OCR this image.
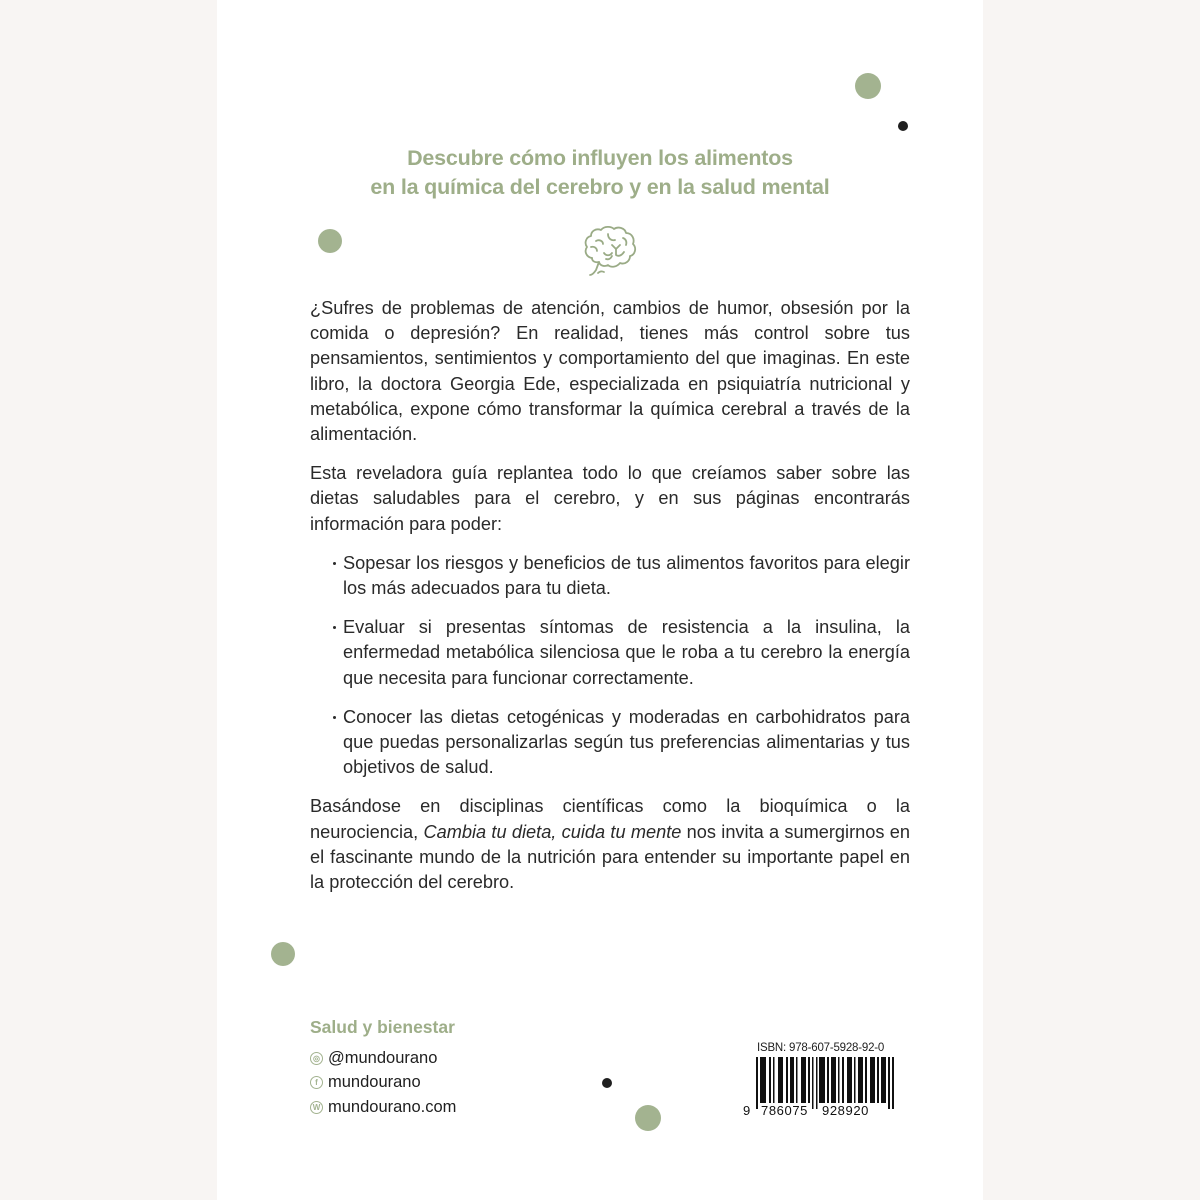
Descubre cómo influyen los alimentos
en la química del cerebro y en la salud mental

¿Sufres de problemas de atención, cambios de humor, obsesión por la comida o depresión? En realidad, tienes más control sobre tus pensamientos, sentimientos y comportamiento del que imaginas. En este libro, la doctora Georgia Ede, especializada en psiquiatría nutricional y metabólica, expone cómo transformar la química cerebral a través de la alimentación.

Esta reveladora guía replantea todo lo que creíamos saber sobre las dietas saludables para el cerebro, y en sus páginas encontrarás información para poder:

Sopesar los riesgos y beneficios de tus alimentos favoritos para elegir los más adecuados para tu dieta.
Evaluar si presentas síntomas de resistencia a la insulina, la enfermedad metabólica silenciosa que le roba a tu cerebro la energía que necesita para funcionar correctamente.
Conocer las dietas cetogénicas y moderadas en carbohidratos para que puedas personalizarlas según tus preferencias alimentarias y tus objetivos de salud.

Basándose en disciplinas científicas como la bioquímica o la neurociencia, Cambia tu dieta, cuida tu mente nos invita a sumergirnos en el fascinante mundo de la nutrición para entender su importante papel en la protección del cerebro.

Salud y bienestar
◎ @mundourano
f mundourano
W mundourano.com
ISBN: 978-607-5928-92-0
9 786075 928920
